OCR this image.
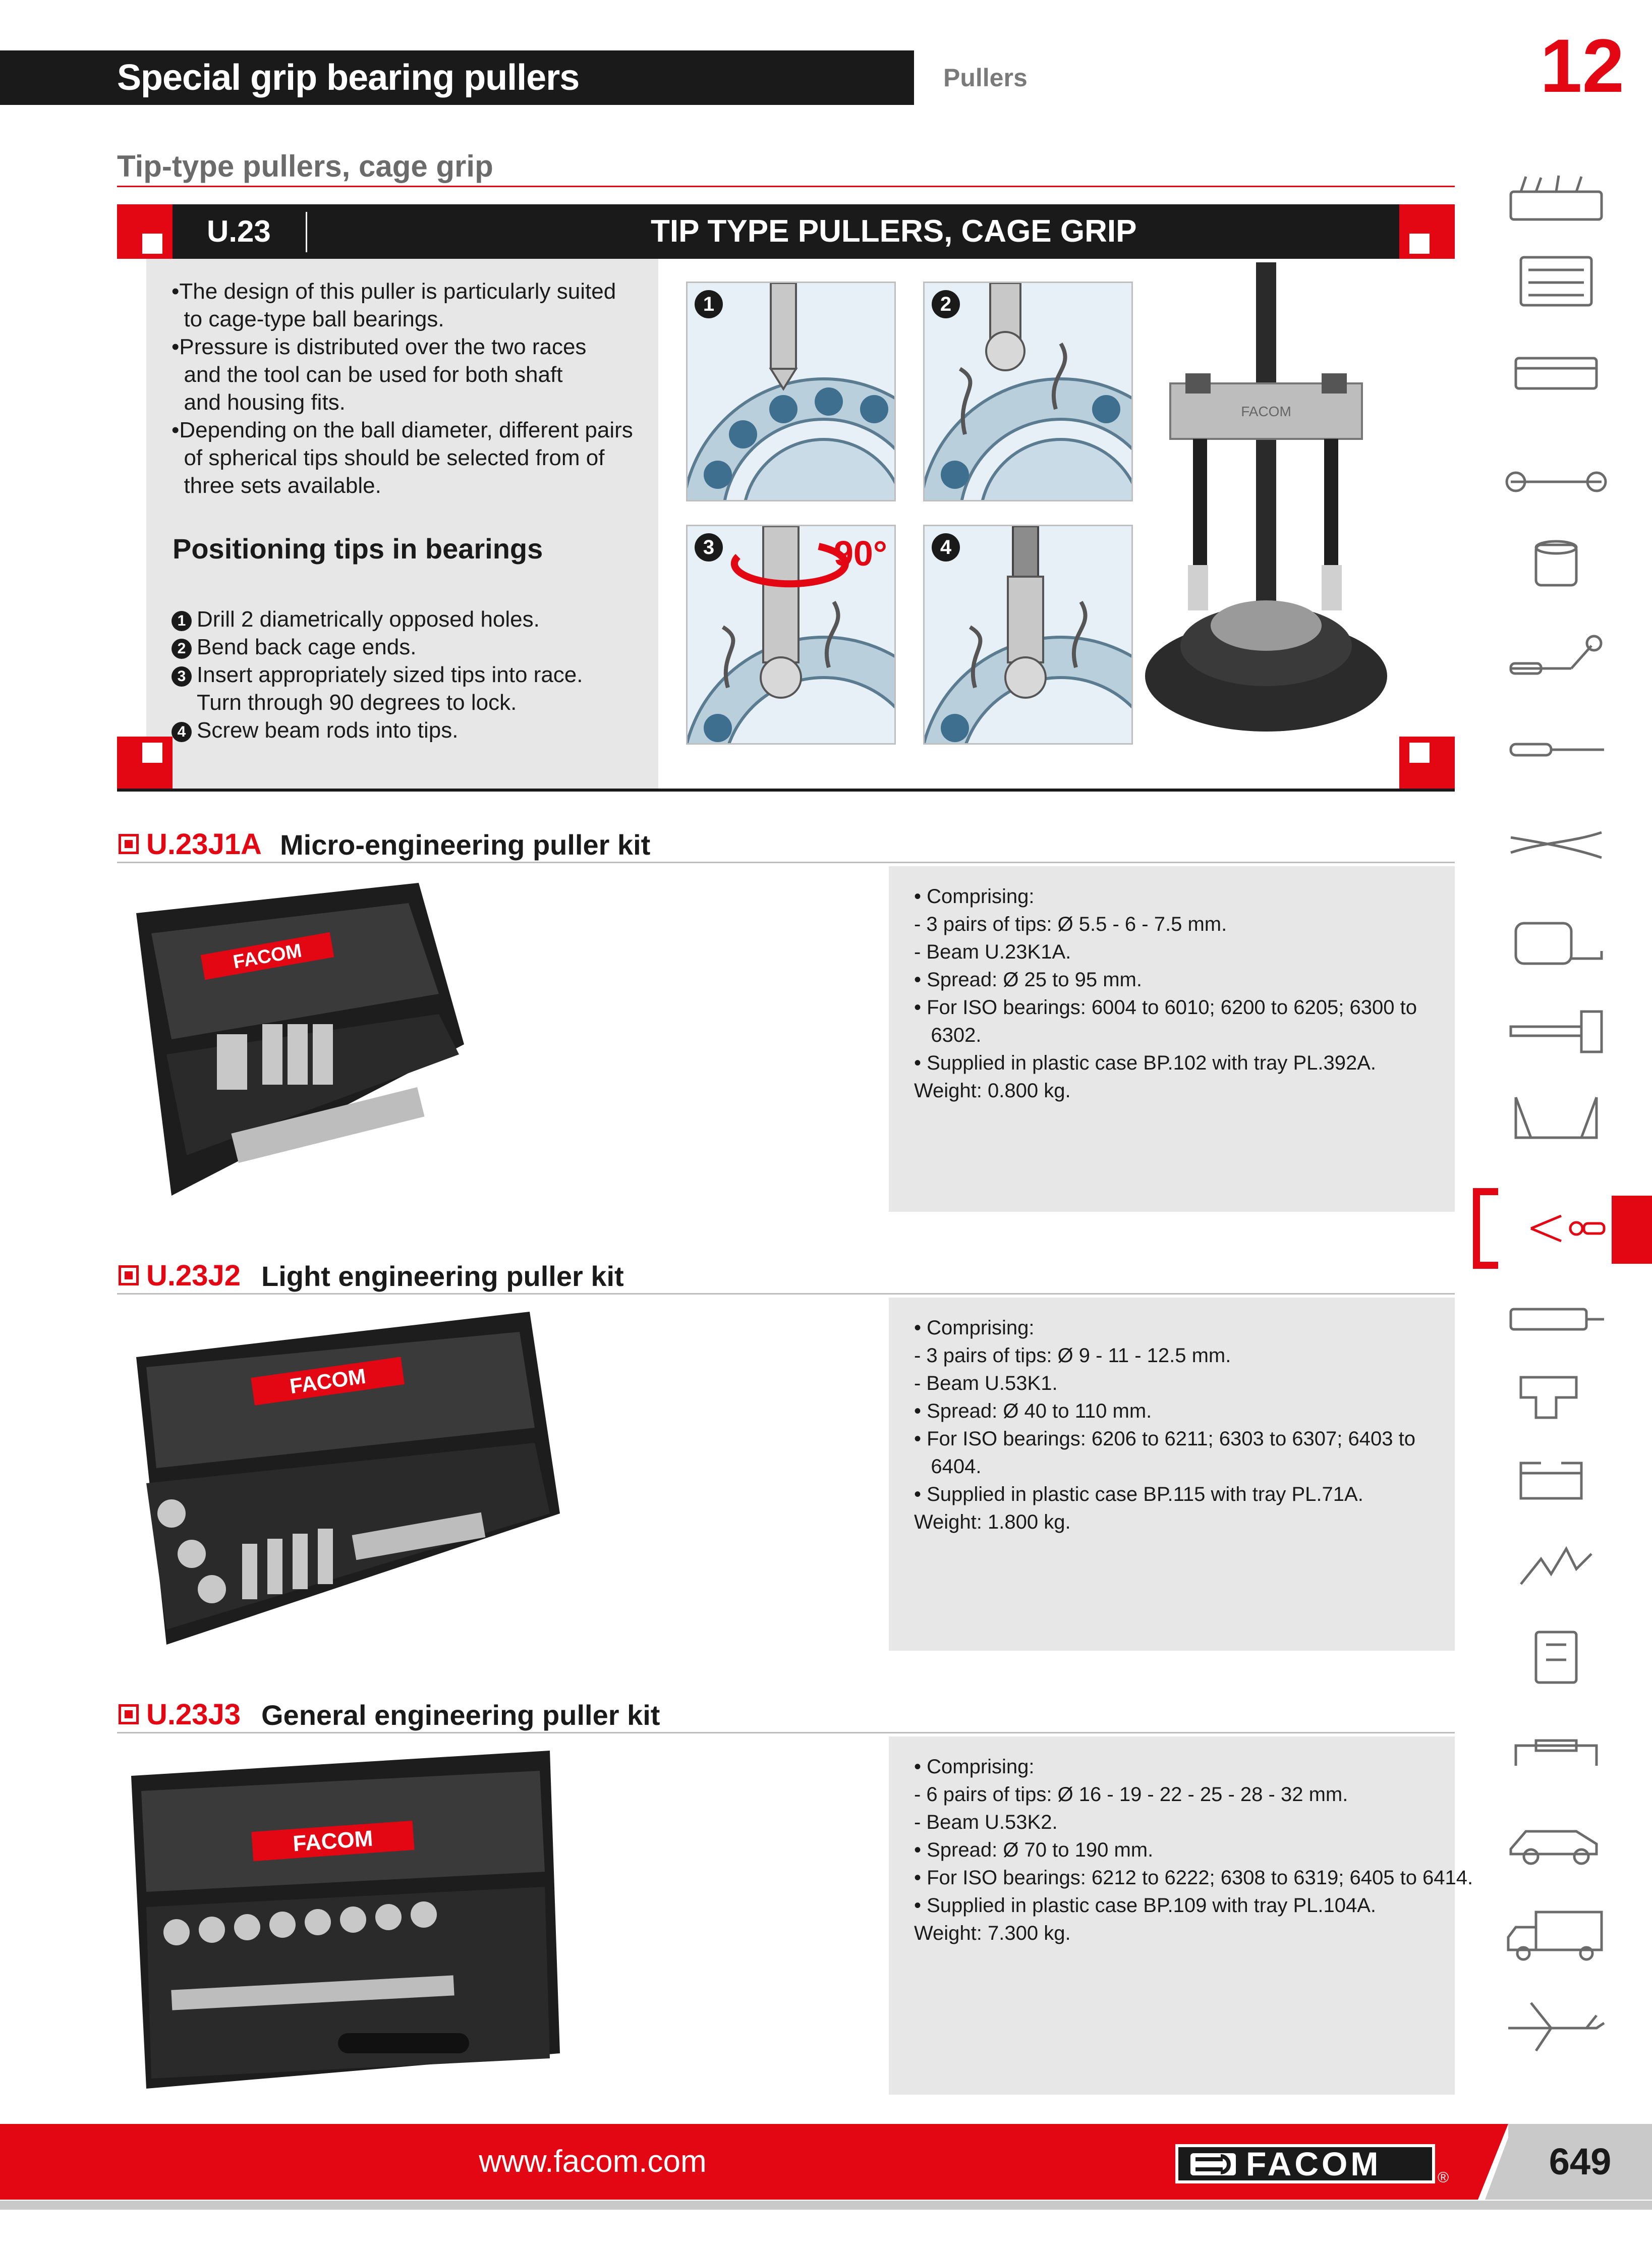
Special grip bearing pullers	Pullers	12
Tip-type pullers, cage grip
U.23	TIP TYPE PULLERS, CAGE GRIP
•The design of this puller is particularly suited
to cage-type ball bearings.
•Pressure is distributed over the two races
and the tool can be used for both shaft
and housing fits.
•Depending on the ball diameter, different pairs
of spherical tips should be selected from of
three sets available.
Positioning tips in bearings
1 Drill 2 diametrically opposed holes.
2 Bend back cage ends.
3 Insert appropriately sized tips into race.
Turn through 90 degrees to lock.
4 Screw beam rods into tips.
1	2
3	90°	4
FACOM
U.23J1A Micro-engineering puller kit
FACOM
• Comprising:
- 3 pairs of tips: Ø 5.5 - 6 - 7.5 mm.
- Beam U.23K1A.
• Spread: Ø 25 to 95 mm.
• For ISO bearings: 6004 to 6010; 6200 to 6205; 6300 to
6302.
• Supplied in plastic case BP.102 with tray PL.392A.
Weight: 0.800 kg.
U.23J2 Light engineering puller kit
FACOM
• Comprising:
- 3 pairs of tips: Ø 9 - 11 - 12.5 mm.
- Beam U.53K1.
• Spread: Ø 40 to 110 mm.
• For ISO bearings: 6206 to 6211; 6303 to 6307; 6403 to
6404.
• Supplied in plastic case BP.115 with tray PL.71A.
Weight: 1.800 kg.
U.23J3 General engineering puller kit
FACOM
• Comprising:
- 6 pairs of tips: Ø 16 - 19 - 22 - 25 - 28 - 32 mm.
- Beam U.53K2.
• Spread: Ø 70 to 190 mm.
• For ISO bearings: 6212 to 6222; 6308 to 6319; 6405 to 6414.
• Supplied in plastic case BP.109 with tray PL.104A.
Weight: 7.300 kg.
www.facom.com	FACOM	®	649
